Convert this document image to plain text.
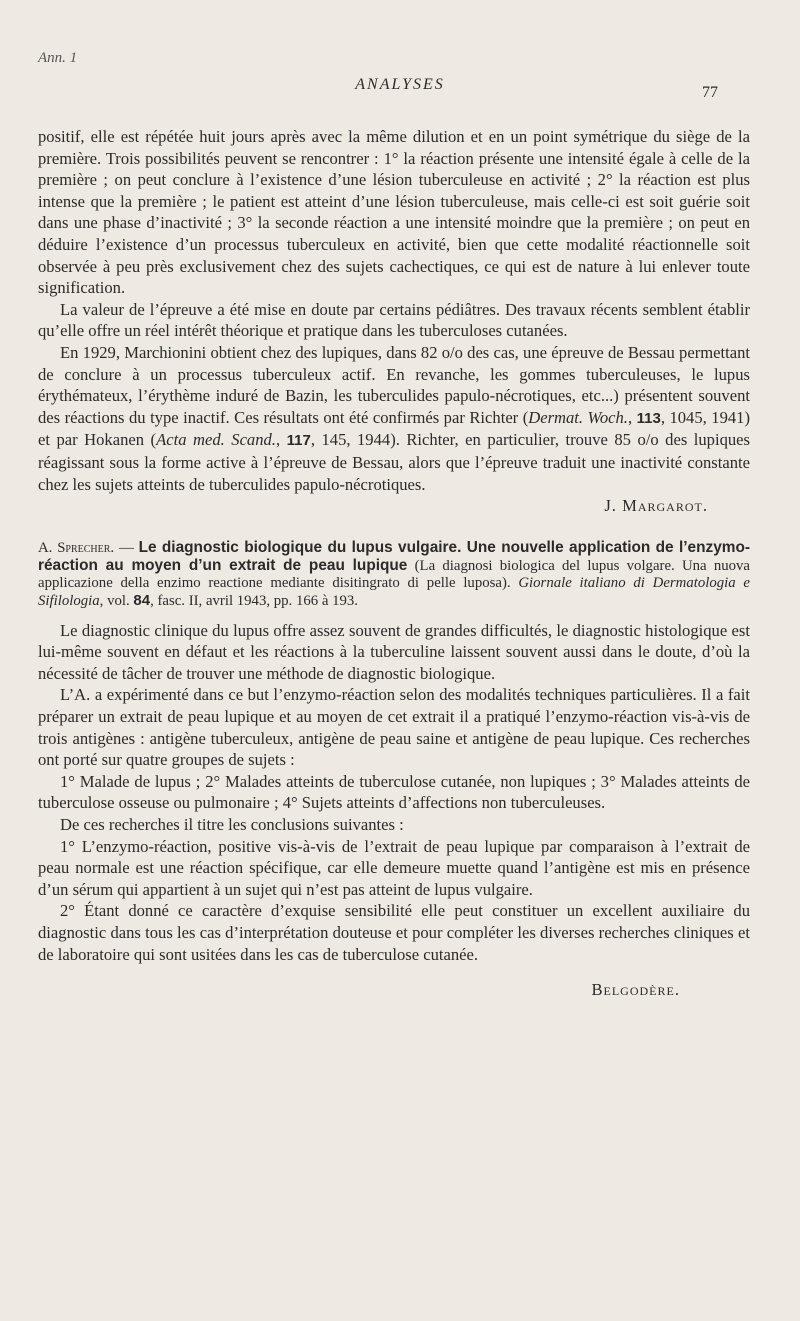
Ann. 1
ANALYSES	77

positif, elle est répétée huit jours après avec la même dilution et en un point symétrique du siège de la première. Trois possibilités peuvent se rencontrer : 1° la réaction présente une intensité égale à celle de la première ; on peut conclure à l’existence d’une lésion tuberculeuse en activité ; 2° la réaction est plus intense que la première ; le patient est atteint d’une lésion tuberculeuse, mais celle-ci est soit guérie soit dans une phase d’inactivité ; 3° la seconde réaction a une intensité moindre que la première ; on peut en déduire l’existence d’un processus tuberculeux en activité, bien que cette modalité réactionnelle soit observée à peu près exclusivement chez des sujets cachectiques, ce qui est de nature à lui enlever toute signification.

La valeur de l’épreuve a été mise en doute par certains pédiâtres. Des travaux récents semblent établir qu’elle offre un réel intérêt théorique et pratique dans les tuberculoses cutanées.

En 1929, Marchionini obtient chez des lupiques, dans 82 o/o des cas, une épreuve de Bessau permettant de conclure à un processus tuberculeux actif. En revanche, les gommes tuberculeuses, le lupus érythémateux, l’érythème induré de Bazin, les tuberculides papulo-nécrotiques, etc...) présentent souvent des réactions du type inactif. Ces résultats ont été confirmés par Richter (Dermat. Woch., 113, 1045, 1941) et par Hokanen (Acta med. Scand., 117, 145, 1944). Richter, en particulier, trouve 85 o/o des lupiques réagissant sous la forme active à l’épreuve de Bessau, alors que l’épreuve traduit une inactivité constante chez les sujets atteints de tuberculides papulo-nécrotiques.

J. Margarot.

A. Sprecher. — Le diagnostic biologique du lupus vulgaire. Une nouvelle application de l’enzymo-réaction au moyen d’un extrait de peau lupique (La diagnosi biologica del lupus volgare. Una nuova applicazione della enzimo reactione mediante disitingrato di pelle luposa). Giornale italiano di Dermatologia e Sifilologia, vol. 84, fasc. II, avril 1943, pp. 166 à 193.

Le diagnostic clinique du lupus offre assez souvent de grandes difficultés, le diagnostic histologique est lui-même souvent en défaut et les réactions à la tuberculine laissent souvent aussi dans le doute, d’où la nécessité de tâcher de trouver une méthode de diagnostic biologique.

L’A. a expérimenté dans ce but l’enzymo-réaction selon des modalités techniques particulières. Il a fait préparer un extrait de peau lupique et au moyen de cet extrait il a pratiqué l’enzymo-réaction vis-à-vis de trois antigènes : antigène tuberculeux, antigène de peau saine et antigène de peau lupique. Ces recherches ont porté sur quatre groupes de sujets :

1° Malade de lupus ; 2° Malades atteints de tuberculose cutanée, non lupiques ; 3° Malades atteints de tuberculose osseuse ou pulmonaire ; 4° Sujets atteints d’affections non tuberculeuses.

De ces recherches il titre les conclusions suivantes :

1° L’enzymo-réaction, positive vis-à-vis de l’extrait de peau lupique par comparaison à l’extrait de peau normale est une réaction spécifique, car elle demeure muette quand l’antigène est mis en présence d’un sérum qui appartient à un sujet qui n’est pas atteint de lupus vulgaire.

2° Étant donné ce caractère d’exquise sensibilité elle peut constituer un excellent auxiliaire du diagnostic dans tous les cas d’interprétation douteuse et pour compléter les diverses recherches cliniques et de laboratoire qui sont usitées dans les cas de tuberculose cutanée.

Belgodère.
